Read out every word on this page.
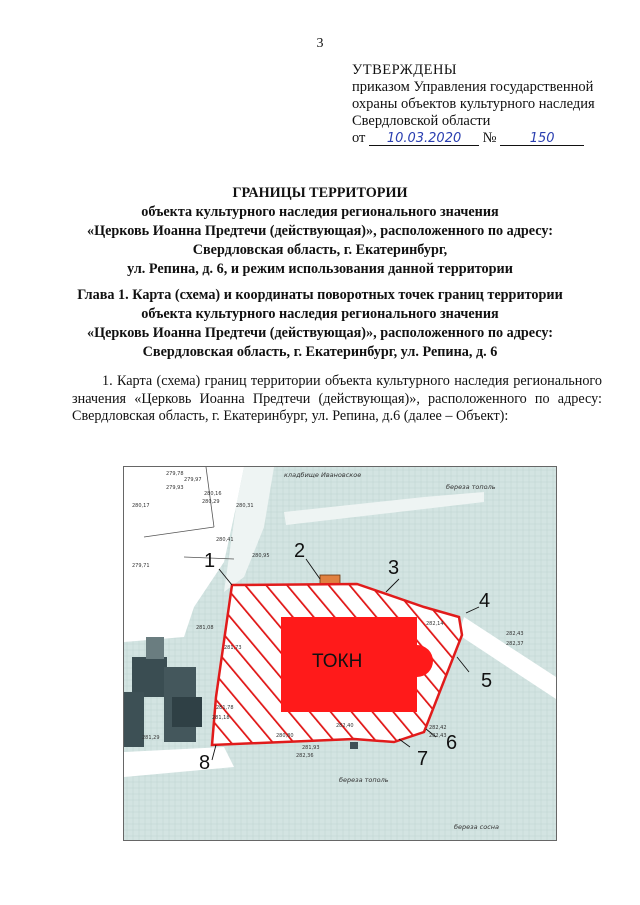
3
УТВЕРЖДЕНЫ
приказом Управления государственной
охраны объектов культурного наследия
Свердловской области
от 10.03.2020 №	150
ГРАНИЦЫ ТЕРРИТОРИИ
объекта культурного наследия регионального значения
«Церковь Иоанна Предтечи (действующая)», расположенного по адресу:
Свердловская область, г. Екатеринбург,
ул. Репина, д. 6, и режим использования данной территории
Глава 1. Карта (схема) и координаты поворотных точек границ территории
объекта культурного наследия регионального значения
«Церковь Иоанна Предтечи (действующая)», расположенного по адресу:
Свердловская область, г. Екатеринбург, ул. Репина, д. 6
1. Карта (схема) границ территории объекта культурного наследия регионального значения «Церковь Иоанна Предтечи (действующая)», расположенного по адресу: Свердловская область, г. Екатеринбург, ул. Репина, д.6 (далее – Объект):
ТОКН
1	2
3
4
5
6
7
8
кладбище Ивановское
береза тополь
береза тополь
береза сосна
279,78
279,93
279,97
280,16
280,29
280,17	280,31
280,41
280,95
279,71
281,08
281,73
282,14
282,43
282,37
281,78
282,40	282,42
282,43
282,36
281,18
281,29	280,80
281,93
